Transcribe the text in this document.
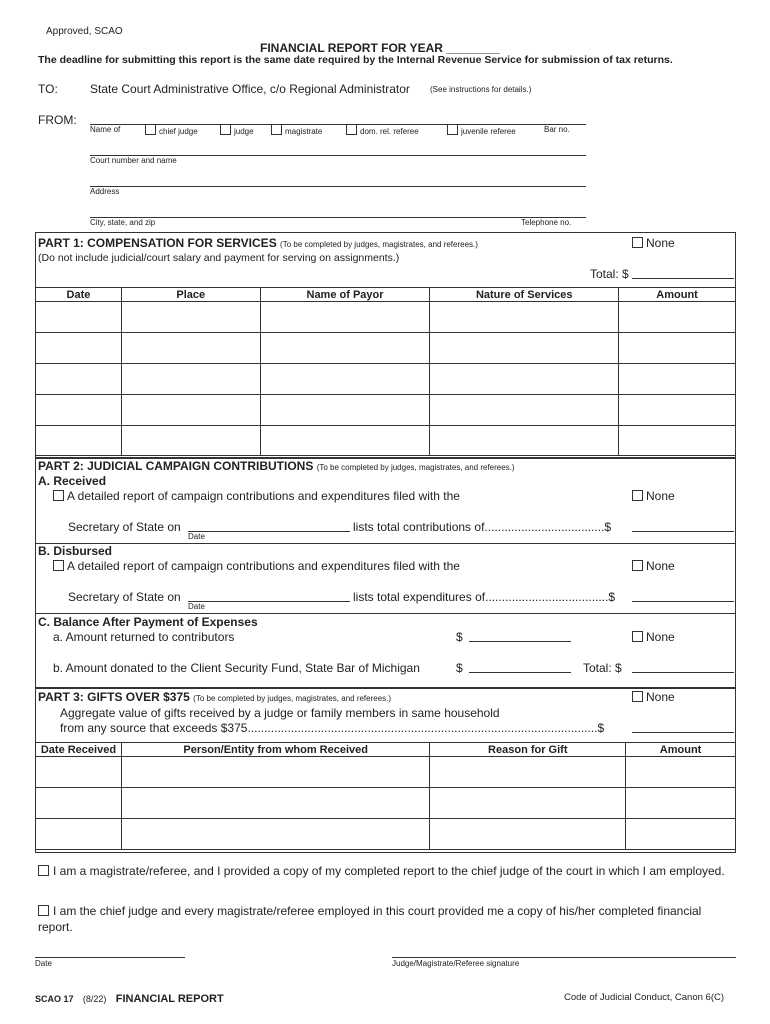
Approved, SCAO
FINANCIAL REPORT FOR YEAR ________
The deadline for submitting this report is the same date required by the Internal Revenue Service for submission of tax returns.
TO:	State Court Administrative Office, c/o Regional Administrator	(See instructions for details.)
FROM:
Name of	chief judge	judge	magistrate	dom. rel. referee	juvenile referee	Bar no.
Court number and name
Address
City, state, and zip	Telephone no.
PART 1: COMPENSATION FOR SERVICES (To be completed by judges, magistrates, and referees.)	None
(Do not include judicial/court salary and payment for serving on assignments.)
Total: $
Date	Place	Name of Payor	Nature of Services	Amount

PART 2: JUDICIAL CAMPAIGN CONTRIBUTIONS (To be completed by judges, magistrates, and referees.)
A. Received
A detailed report of campaign contributions and expenditures filed with the	None
Secretary of State on
Date
lists total contributions of....................................$
B. Disbursed
A detailed report of campaign contributions and expenditures filed with the	None
Secretary of State on
Date
lists total expenditures of.....................................$
C. Balance After Payment of Expenses
a. Amount returned to contributors	$	None
b. Amount donated to the Client Security Fund, State Bar of Michigan	$	Total: $
PART 3: GIFTS OVER $375 (To be completed by judges, magistrates, and referees.)	None
Aggregate value of gifts received by a judge or family members in same household
from any source that exceeds $375.........................................................................................................$
Date Received	Person/Entity from whom Received	Reason for Gift	Amount

I am a magistrate/referee, and I provided a copy of my completed report to the chief judge of the court in which I am employed.
I am the chief judge and every magistrate/referee employed in this court provided me a copy of his/her completed financial report.
Date	Judge/Magistrate/Referee signature
SCAO 17 (8/22) FINANCIAL REPORT	Code of Judicial Conduct, Canon 6(C)
